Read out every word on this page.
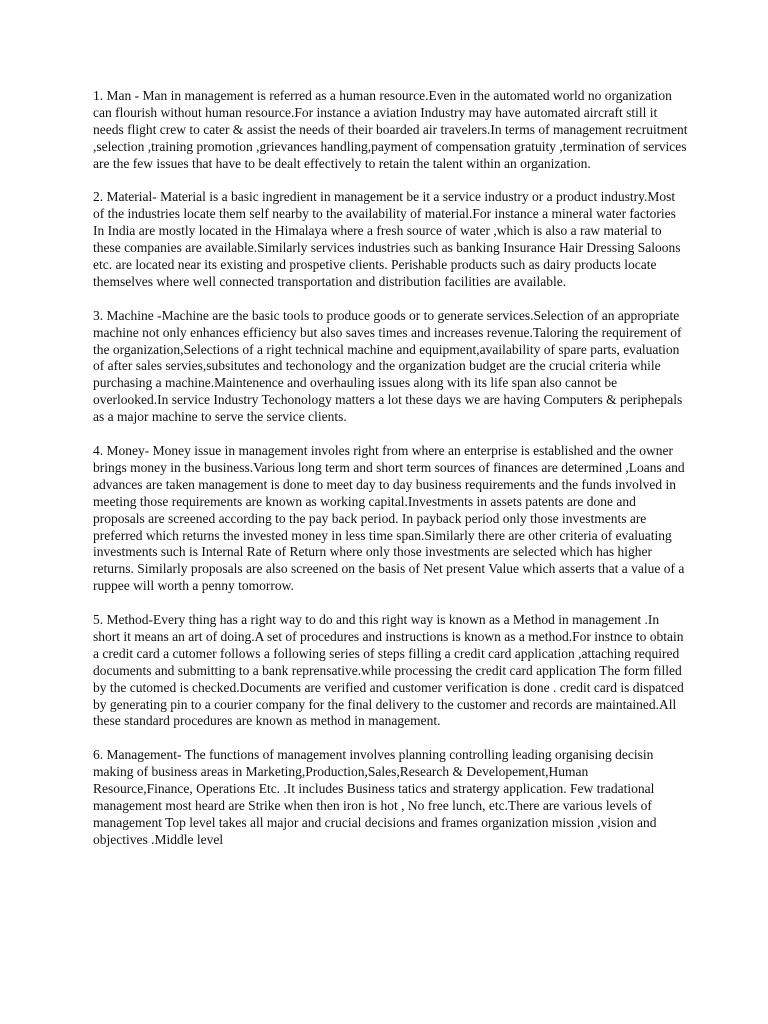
1. Man - Man in management is referred as a human resource.Even in the automated world no organization can flourish without human resource.For instance a aviation Industry may have automated aircraft still it needs flight crew to cater & assist the needs of their boarded air travelers.In terms of management recruitment ,selection ,training promotion ,grievances handling,payment of compensation gratuity ,termination of services are the few issues that have to be dealt effectively to retain the talent within an organization.

2. Material- Material is a basic ingredient in management be it a service industry or a product industry.Most of the industries locate them self nearby to the availability of material.For instance a mineral water factories In India are mostly located in the Himalaya where a fresh source of water ,which is also a raw material to these companies are available.Similarly services industries such as banking Insurance Hair Dressing Saloons etc. are located near its existing and prospetive clients. Perishable products such as dairy products locate themselves where well connected transportation and distribution facilities are available.

3. Machine -Machine are the basic tools to produce goods or to generate services.Selection of an appropriate machine not only enhances efficiency but also saves times and increases revenue.Taloring the requirement of the organization,Selections of a right technical machine and equipment,availability of spare parts, evaluation of after sales servies,subsitutes and techonology and the organization budget are the crucial criteria while purchasing a machine.Maintenence and overhauling issues along with its life span also cannot be overlooked.In service Industry Techonology matters a lot these days we are having Computers & periphepals as a major machine to serve the service clients.

4. Money- Money issue in management involes right from where an enterprise is established and the owner brings money in the business.Various long term and short term sources of finances are determined ,Loans and advances are taken management is done to meet day to day business requirements and the funds involved in meeting those requirements are known as working capital.Investments in assets patents are done and proposals are screened according to the pay back period. In payback period only those investments are preferred which returns the invested money in less time span.Similarly there are other criteria of evaluating investments such is Internal Rate of Return where only those investments are selected which has higher returns. Similarly proposals are also screened on the basis of Net present Value which asserts that a value of a ruppee will worth a penny tomorrow.

5. Method-Every thing has a right way to do and this right way is known as a Method in management .In short it means an art of doing.A set of procedures and instructions is known as a method.For instnce to obtain a credit card a cutomer follows a following series of steps filling a credit card application ,attaching required documents and submitting to a bank reprensative.while processing the credit card application The form filled by the cutomed is checked.Documents are verified and customer verification is done . credit card is dispatced by generating pin to a courier company for the final delivery to the customer and records are maintained.All these standard procedures are known as method in management.

6. Management- The functions of management involves planning controlling leading organising decisin making of business areas in Marketing,Production,Sales,Research & Developement,Human Resource,Finance, Operations Etc. .It includes Business tatics and stratergy application. Few tradational management most heard are Strike when then iron is hot , No free lunch, etc.There are various levels of management Top level takes all major and crucial decisions and frames organization mission ,vision and objectives .Middle level
